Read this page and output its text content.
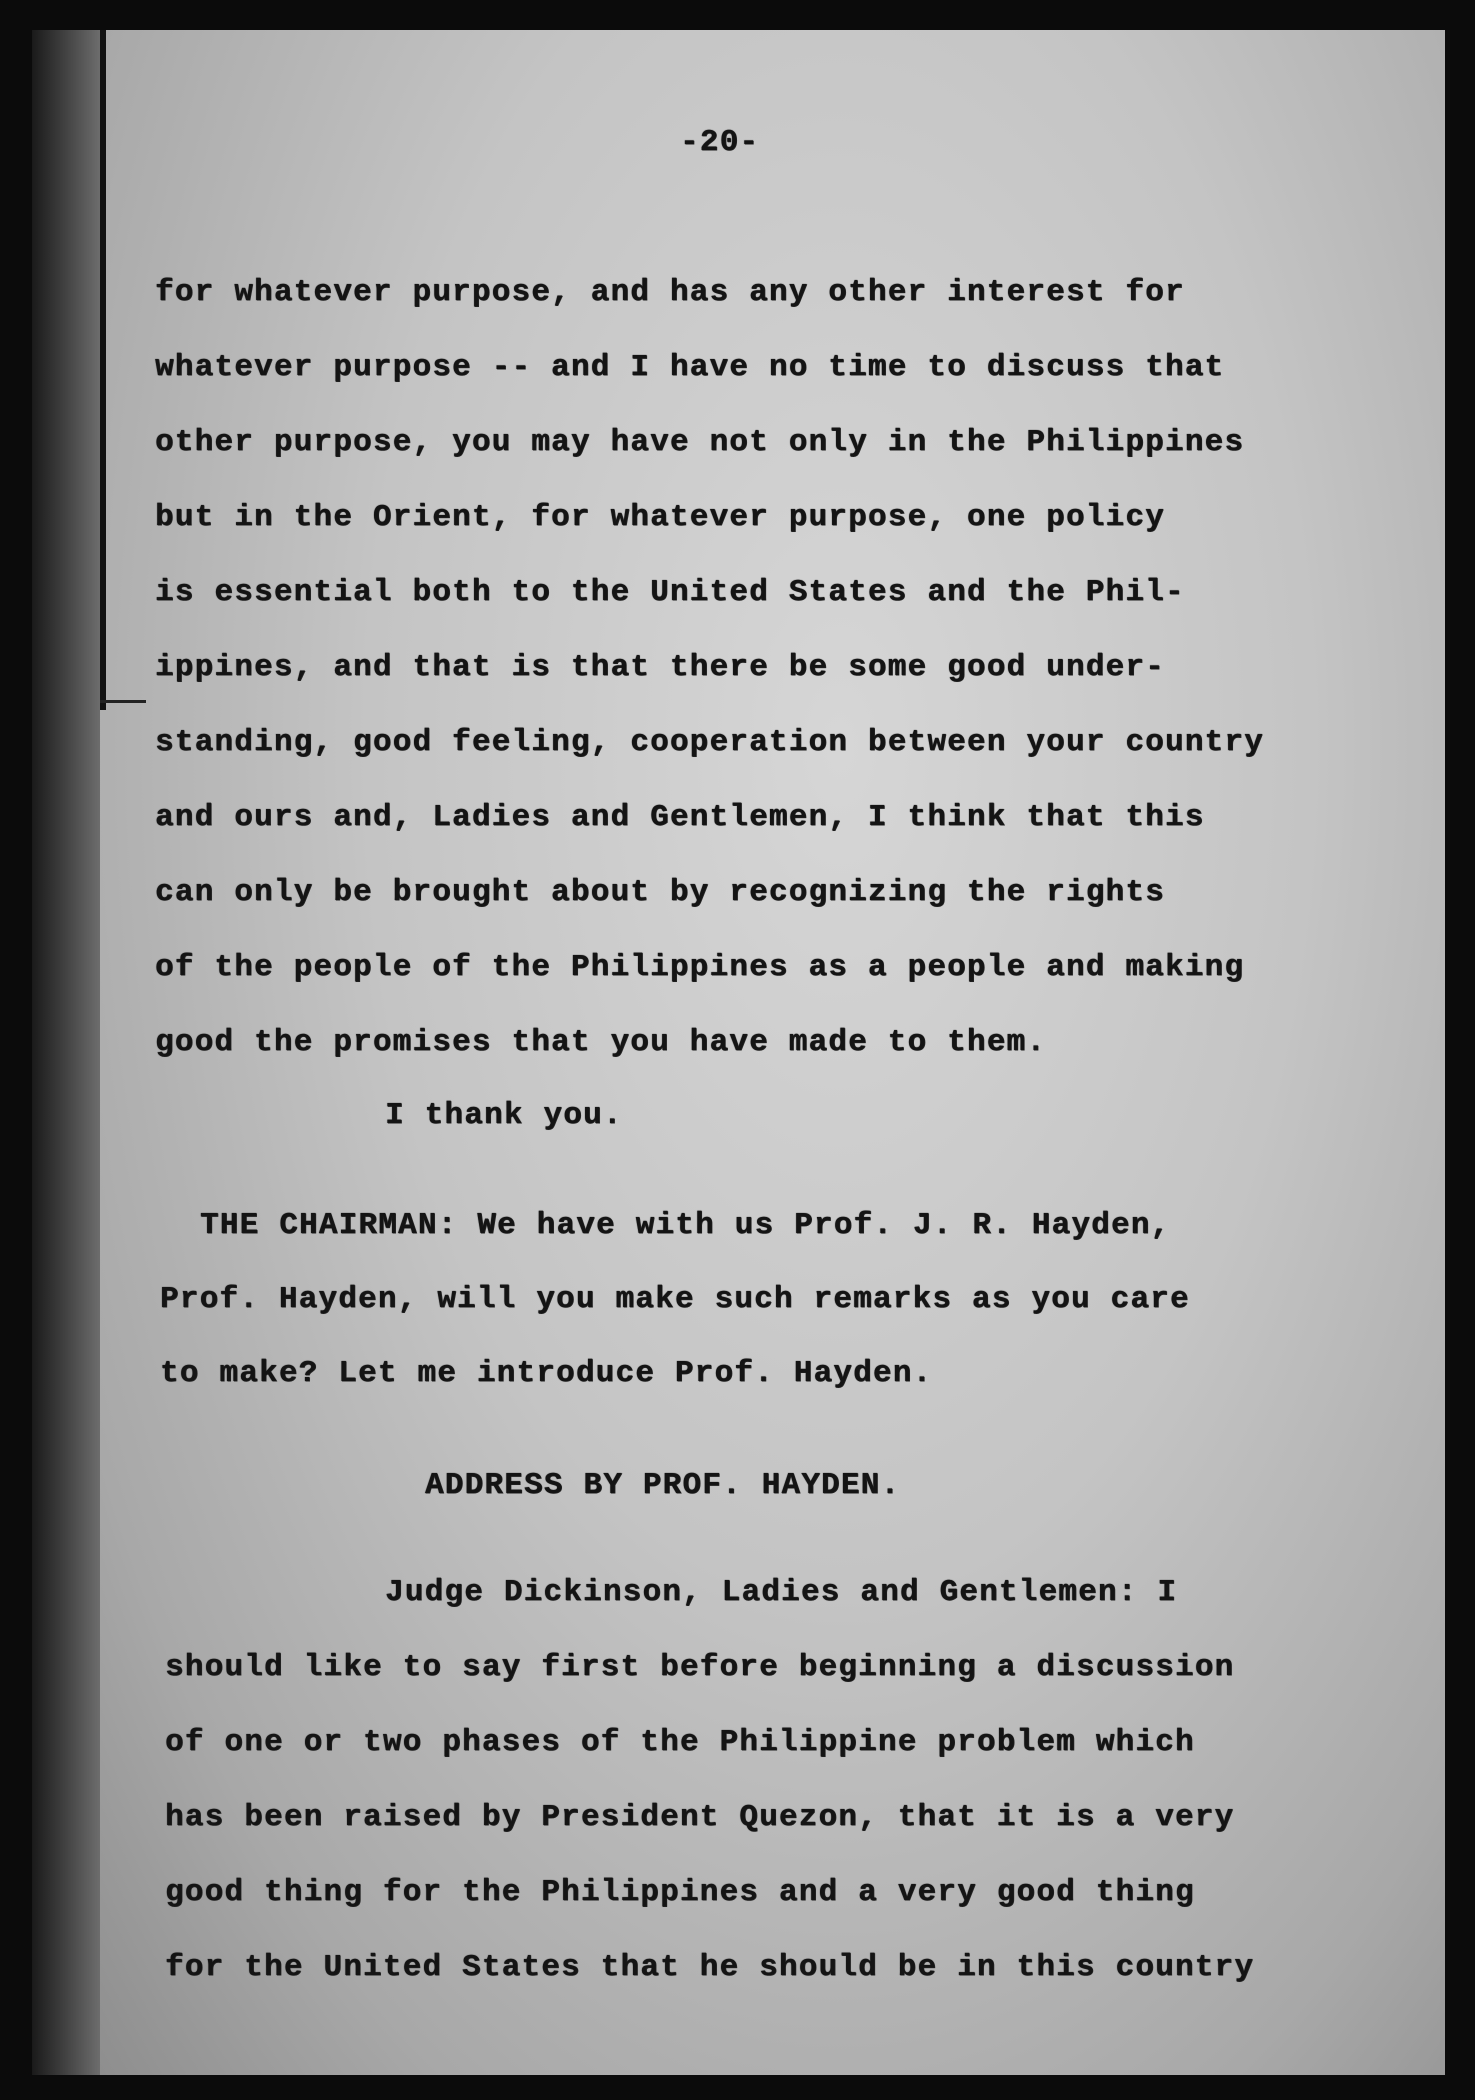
-20-
for whatever purpose, and has any other interest for
whatever purpose -- and I have no time to discuss that
other purpose, you may have not only in the Philippines
but in the Orient, for whatever purpose, one policy
is essential both to the United States and the Phil-
ippines, and that is that there be some good under-
standing, good feeling, cooperation between your country
and ours and, Ladies and Gentlemen, I think that this
can only be brought about by recognizing the rights
of the people of the Philippines as a people and making
good the promises that you have made to them.
I thank you.
THE CHAIRMAN: We have with us Prof. J. R. Hayden,
Prof. Hayden, will you make such remarks as you care
to make? Let me introduce Prof. Hayden.
ADDRESS BY PROF. HAYDEN.
Judge Dickinson, Ladies and Gentlemen: I
should like to say first before beginning a discussion
of one or two phases of the Philippine problem which
has been raised by President Quezon, that it is a very
good thing for the Philippines and a very good thing
for the United States that he should be in this country
